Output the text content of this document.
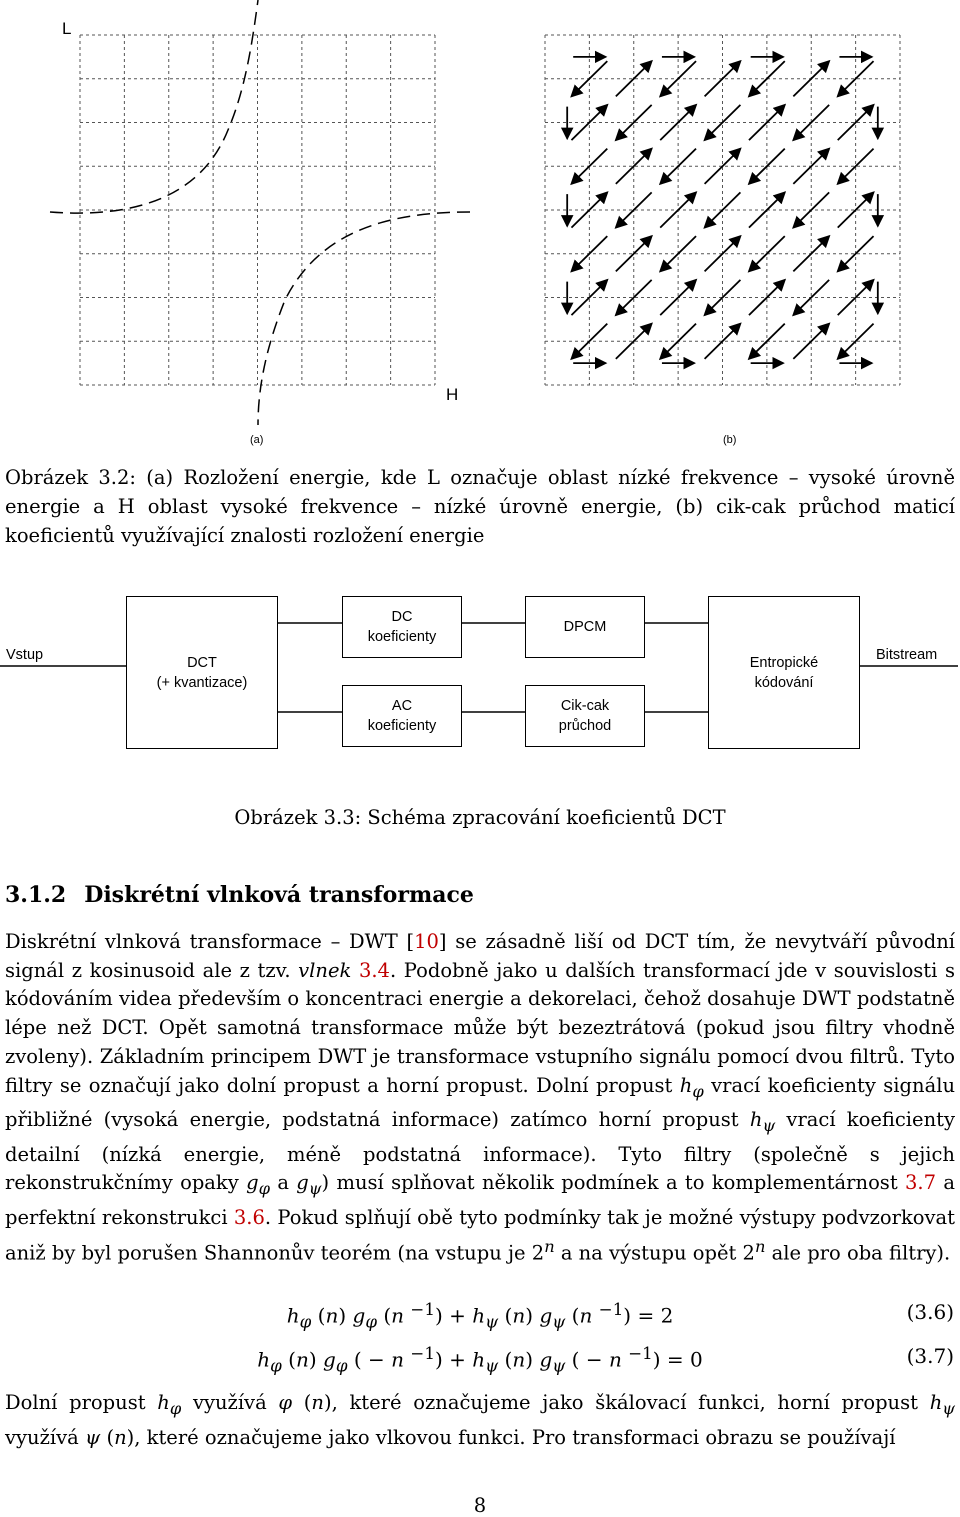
L
H
(a)	(b)
Obrázek 3.2: (a) Rozložení energie, kde L označuje oblast nízké frekvence – vysoké úrovně energie a H oblast vysoké frekvence – nízké úrovně energie, (b) cik-cak průchod maticí koeficientů využívající znalosti rozložení energie
Vstup	DCT
(+ kvantizace)
DC
koeficienty
AC
koeficienty
DPCM
Cik-cak
průchod
Entropické
kódování
Bitstream
Obrázek 3.3: Schéma zpracování koeficientů DCT
3.1.2 Diskrétní vlnková transformace
Diskrétní vlnková transformace – DWT [10] se zásadně liší od DCT tím, že nevytváří původní signál z kosinusoid ale z tzv. vlnek 3.4. Podobně jako u dalších transformací jde v souvislosti s kódováním videa především o koncentraci energie a dekorelaci, čehož dosahuje DWT podstatně lépe než DCT. Opět samotná transformace může být bezeztrátová (pokud jsou filtry vhodně zvoleny). Základním principem DWT je transformace vstupního signálu pomocí dvou filtrů. Tyto filtry se označují jako dolní propust a horní propust. Dolní propust $h_\varphi$ vrací koeficienty signálu přibližné (vysoká energie, podstatná informace) zatímco horní propust $h_\psi$ vrací koeficienty detailní (nízká energie, méně podstatná informace). Tyto filtry (společně s jejich rekonstrukčnímy opaky $g_\varphi$ a $g_\psi$) musí splňovat několik podmínek a to komplementárnost 3.7 a perfektní rekonstrukci 3.6. Pokud splňují obě tyto podmínky tak je možné výstupy podvzorkovat aniž by byl porušen Shannonův teorém (na vstupu je 2$^n$ a na výstupu opět 2$^n$ ale pro oba filtry).
$h_\varphi$ (n) $g_\varphi$ (n $^{-1}) + h_\psi$ (n) $g_\psi$ (n $^{-1}$) = 2	(3.6)
$h_\varphi$ (n) $g_\varphi$ ( − n $^{-1}) + h_\psi$ (n) $g_\psi$ ( − n $^{-1}$) = 0	(3.7)
Dolní propust $h_\varphi$ využívá φ (n), které označujeme jako škálovací funkci, horní propust $h_\psi$ využívá ψ (n), které označujeme jako vlkovou funkci. Pro transformaci obrazu se používají
8
